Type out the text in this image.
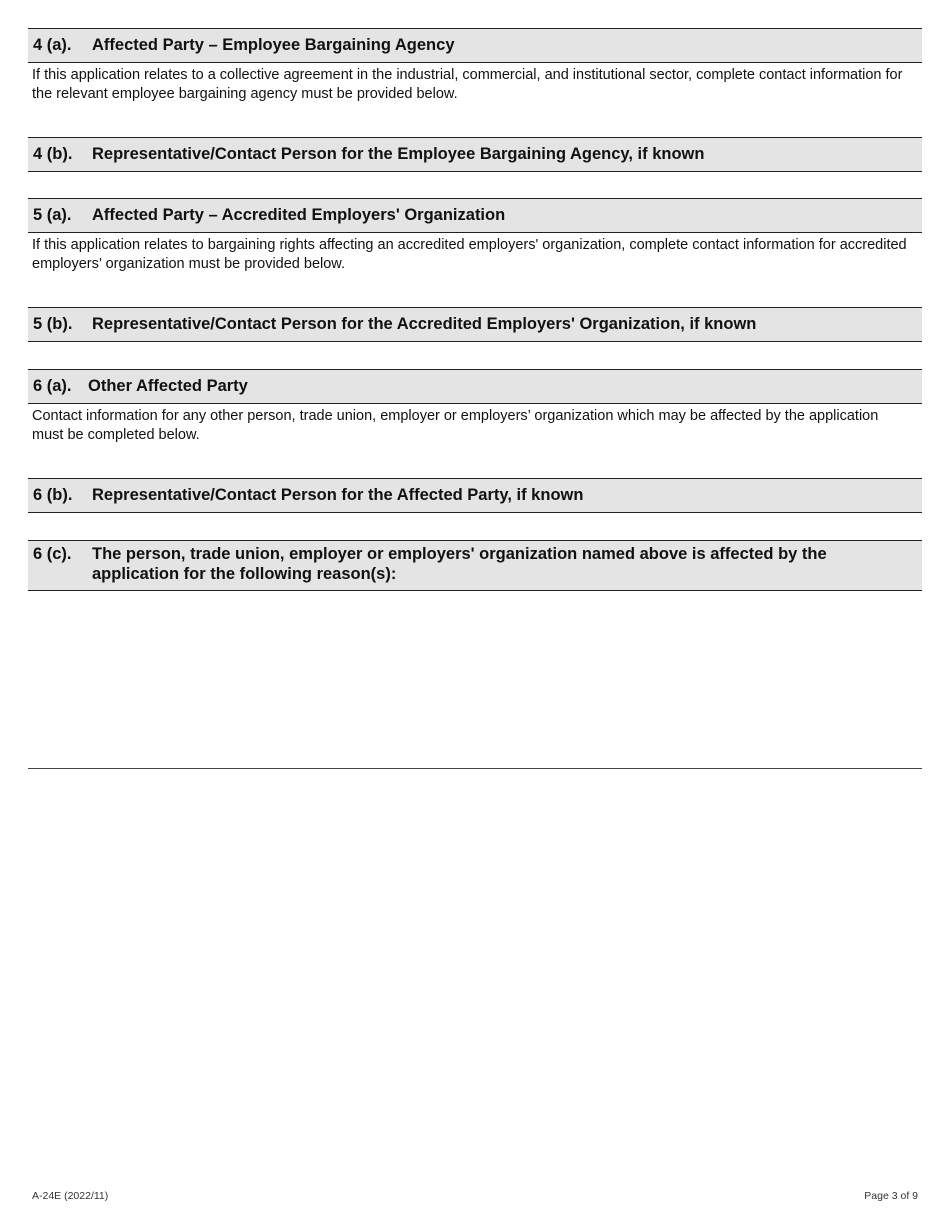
4 (a).	Affected Party – Employee Bargaining Agency
If this application relates to a collective agreement in the industrial, commercial, and institutional sector, complete contact information for the relevant employee bargaining agency must be provided below.
4 (b).	Representative/Contact Person for the Employee Bargaining Agency, if known
5 (a).	Affected Party – Accredited Employers' Organization
If this application relates to bargaining rights affecting an accredited employers' organization, complete contact information for accredited employers’ organization must be provided below.
5 (b).	Representative/Contact Person for the Accredited Employers' Organization, if known
6 (a). Other Affected Party
Contact information for any other person, trade union, employer or employers’ organization which may be affected by the application must be completed below.
6 (b).	Representative/Contact Person for the Affected Party, if known
6 (c).	The person, trade union, employer or employers' organization named above is affected by the application for the following reason(s):
A-24E (2022/11)	Page 3 of 9
